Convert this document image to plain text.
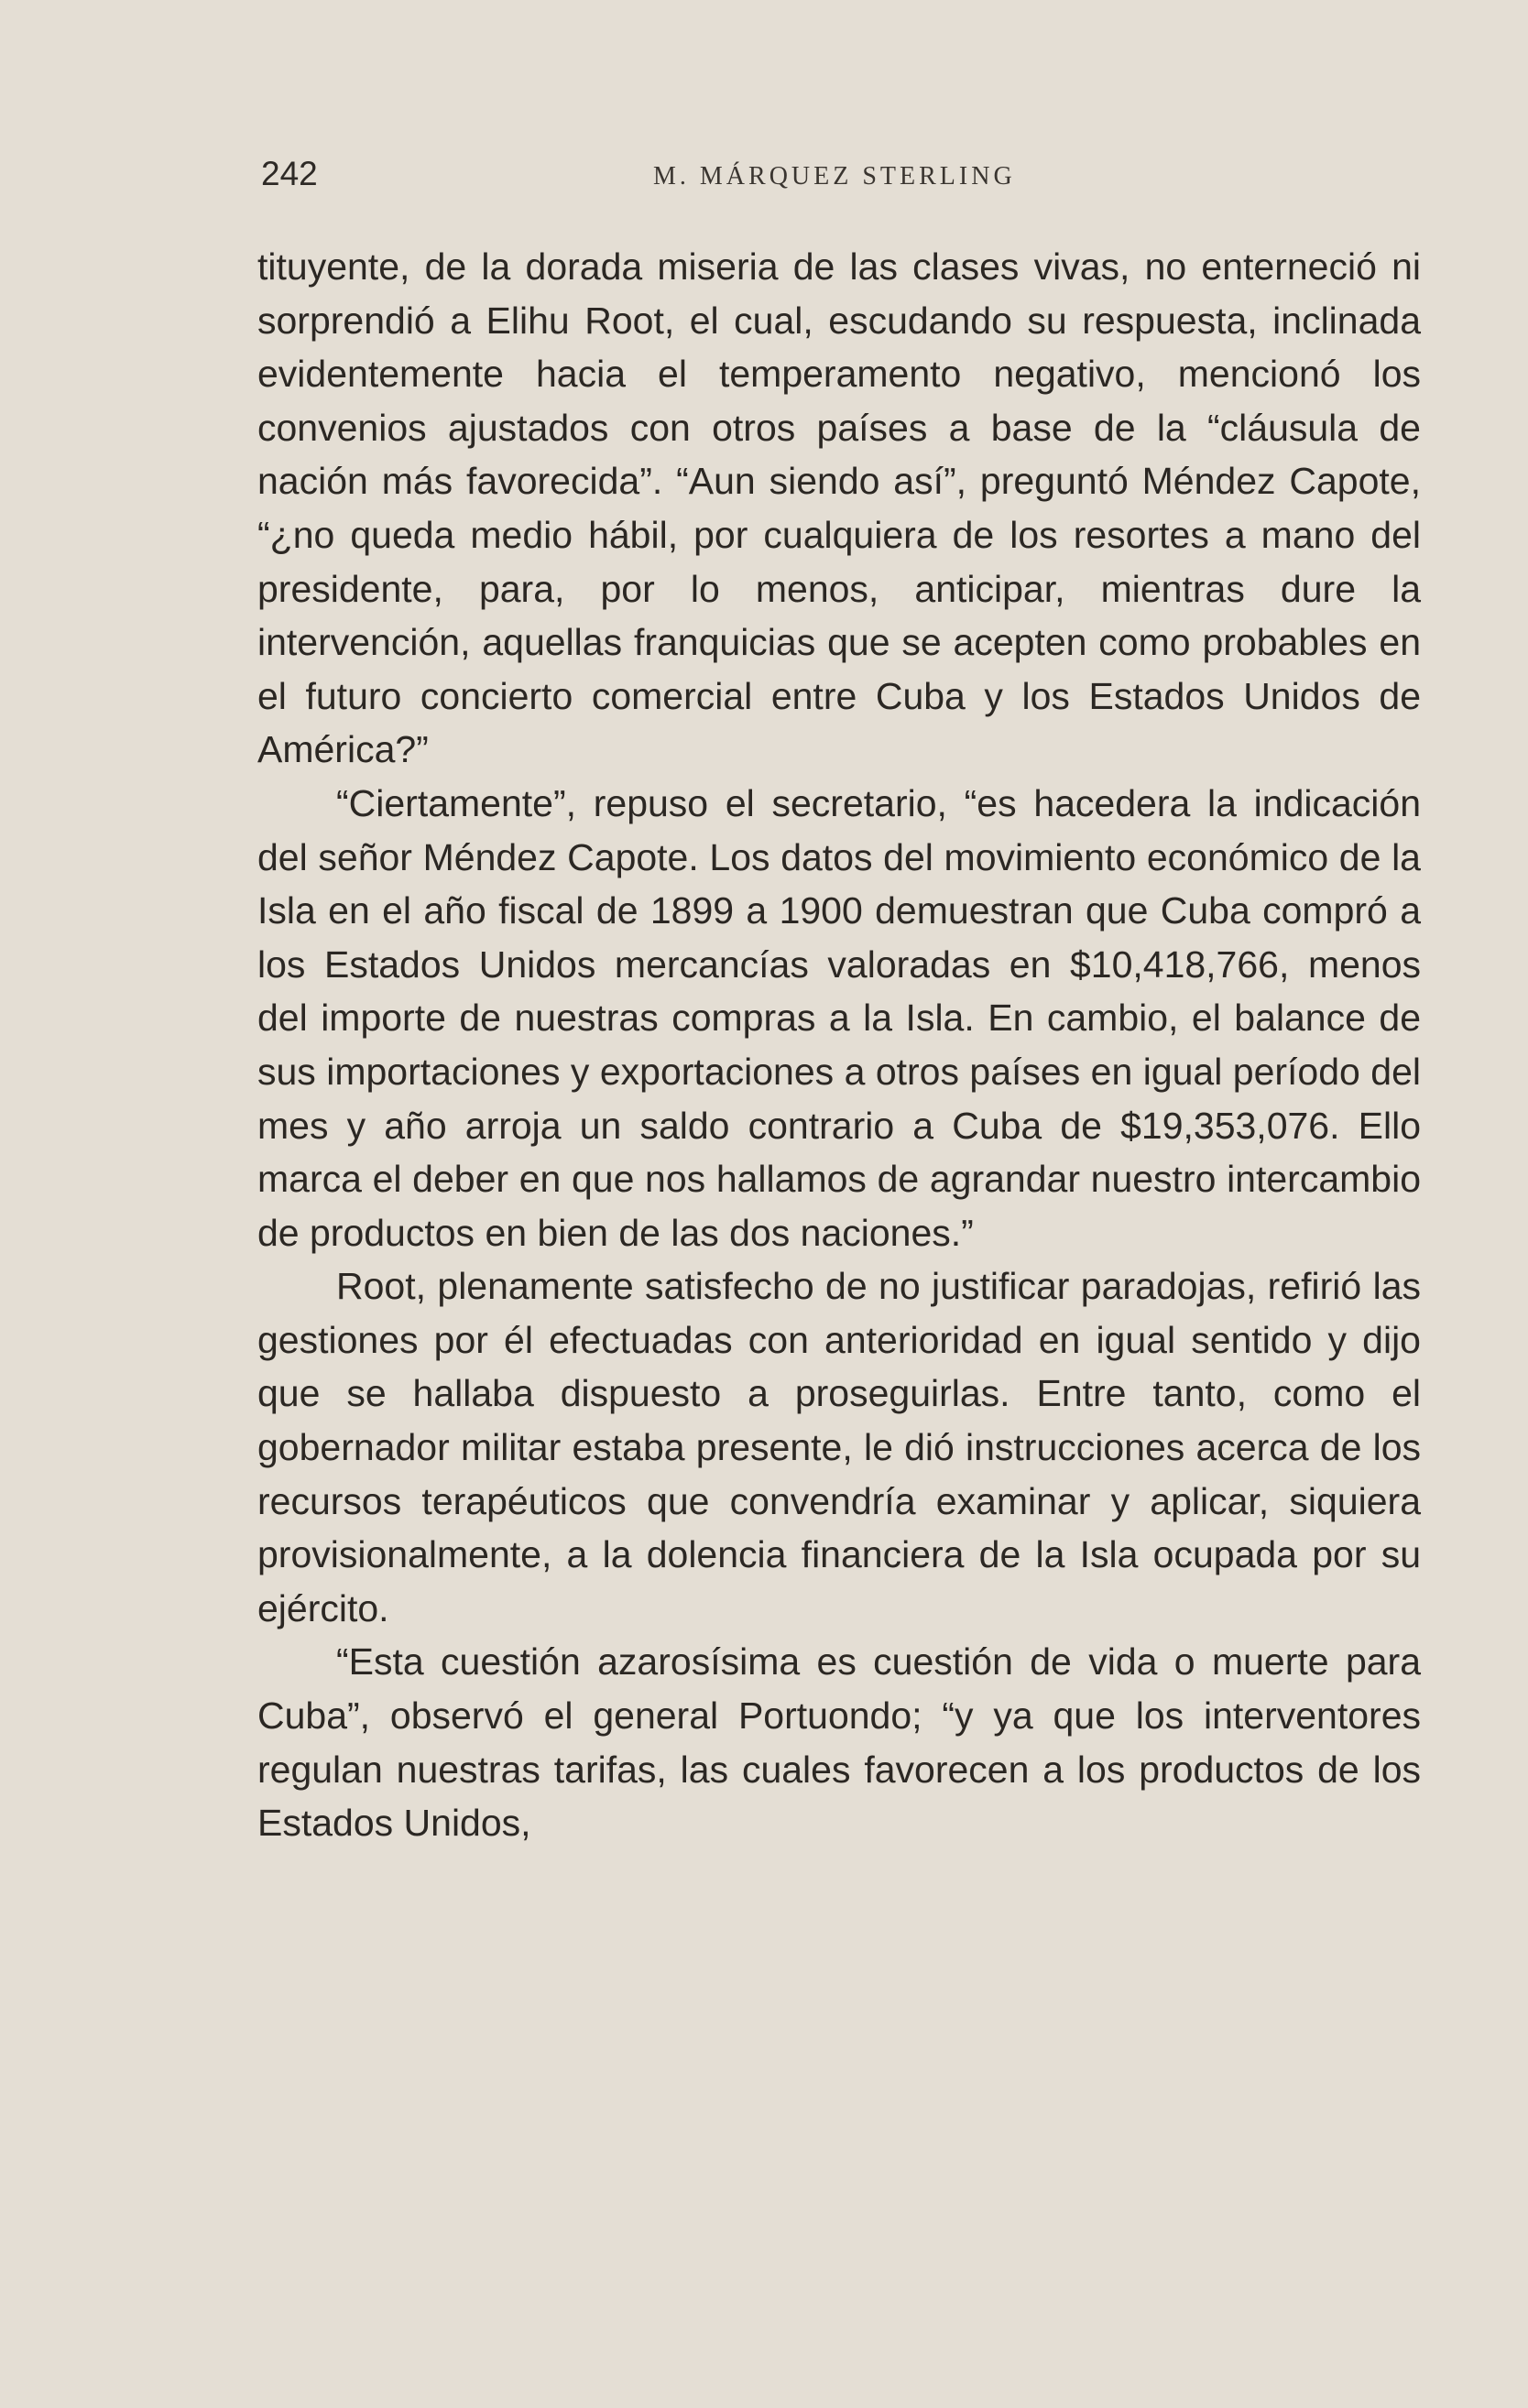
242	M. MÁRQUEZ STERLING

tituyente, de la dorada miseria de las clases vivas, no enterneció ni sorprendió a Elihu Root, el cual, escudando su respuesta, inclinada evidentemente hacia el temperamento negativo, mencionó los convenios ajustados con otros países a base de la “cláusula de nación más favorecida”. “Aun siendo así”, preguntó Méndez Capote, “¿no queda medio hábil, por cualquiera de los resortes a mano del presidente, para, por lo menos, anticipar, mientras dure la intervención, aquellas franquicias que se acepten como probables en el futuro concierto comercial entre Cuba y los Estados Unidos de América?”

“Ciertamente”, repuso el secretario, “es hacedera la indicación del señor Méndez Capote. Los datos del movimiento económico de la Isla en el año fiscal de 1899 a 1900 demuestran que Cuba compró a los Estados Unidos mercancías valoradas en $10,418,766, menos del importe de nuestras compras a la Isla. En cambio, el balance de sus importaciones y exportaciones a otros países en igual período del mes y año arroja un saldo contrario a Cuba de $19,353,076. Ello marca el deber en que nos hallamos de agrandar nuestro intercambio de productos en bien de las dos naciones.”

Root, plenamente satisfecho de no justificar paradojas, refirió las gestiones por él efectuadas con anterioridad en igual sentido y dijo que se hallaba dispuesto a proseguirlas. Entre tanto, como el gobernador militar estaba presente, le dió instrucciones acerca de los recursos terapéuticos que convendría examinar y aplicar, siquiera provisionalmente, a la dolencia financiera de la Isla ocupada por su ejército.

“Esta cuestión azarosísima es cuestión de vida o muerte para Cuba”, observó el general Portuondo; “y ya que los interventores regulan nuestras tarifas, las cuales favorecen a los productos de los Estados Unidos,
